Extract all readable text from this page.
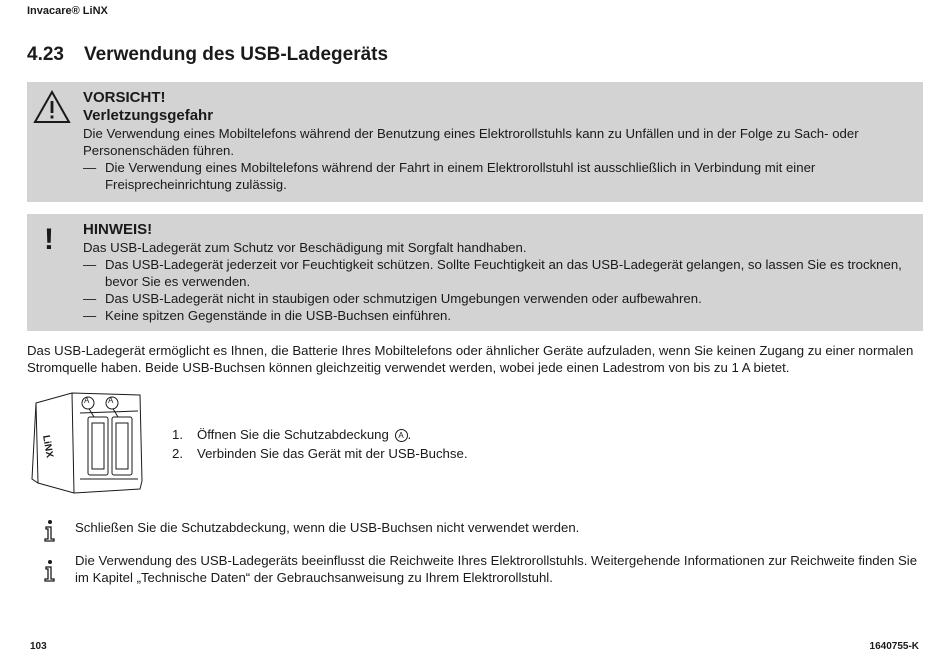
Invacare® LiNX
4.23 Verwendung des USB-Ladegeräts
VORSICHT!
Verletzungsgefahr
Die Verwendung eines Mobiltelefons während der Benutzung eines Elektrorollstuhls kann zu Unfällen und in der Folge zu Sach- oder Personenschäden führen.
— Die Verwendung eines Mobiltelefons während der Fahrt in einem Elektrorollstuhl ist ausschließlich in Verbindung mit einer Freisprecheinrichtung zulässig.
! HINWEIS!
Das USB-Ladegerät zum Schutz vor Beschädigung mit Sorgfalt handhaben.
— Das USB-Ladegerät jederzeit vor Feuchtigkeit schützen. Sollte Feuchtigkeit an das USB-Ladegerät gelangen, so lassen Sie es trocknen, bevor Sie es verwenden.
— Das USB-Ladegerät nicht in staubigen oder schmutzigen Umgebungen verwenden oder aufbewahren.
— Keine spitzen Gegenstände in die USB-Buchsen einführen.
Das USB-Ladegerät ermöglicht es Ihnen, die Batterie Ihres Mobiltelefons oder ähnlicher Geräte aufzuladen, wenn Sie keinen Zugang zu einer normalen Stromquelle haben. Beide USB-Buchsen können gleichzeitig verwendet werden, wobei jede einen Ladestrom von bis zu 1 A bietet.
A A
LiNX	1.	Öffnen Sie die Schutzabdeckung A .
2.	Verbinden Sie das Gerät mit der USB-Buchse.
Schließen Sie die Schutzabdeckung, wenn die USB-Buchsen nicht verwendet werden.
Die Verwendung des USB-Ladegeräts beeinflusst die Reichweite Ihres Elektrorollstuhls. Weitergehende Informationen zur Reichweite finden Sie im Kapitel „Technische Daten“ der Gebrauchsanweisung zu Ihrem Elektrorollstuhl.
103	1640755-K
